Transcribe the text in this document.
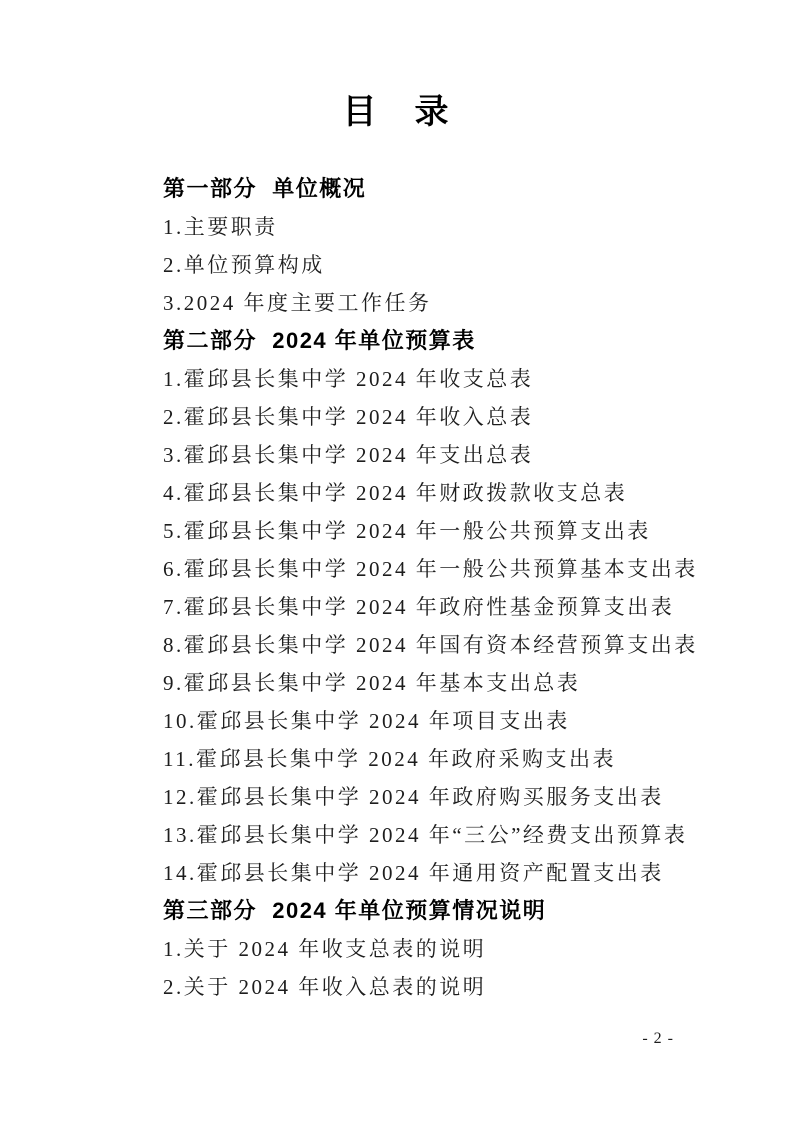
目　录
第一部分  单位概况
1.主要职责
2.单位预算构成
3.2024 年度主要工作任务
第二部分  2024 年单位预算表
1.霍邱县长集中学 2024 年收支总表
2.霍邱县长集中学 2024 年收入总表
3.霍邱县长集中学 2024 年支出总表
4.霍邱县长集中学 2024 年财政拨款收支总表
5.霍邱县长集中学 2024 年一般公共预算支出表
6.霍邱县长集中学 2024 年一般公共预算基本支出表
7.霍邱县长集中学 2024 年政府性基金预算支出表
8.霍邱县长集中学 2024 年国有资本经营预算支出表
9.霍邱县长集中学 2024 年基本支出总表
10.霍邱县长集中学 2024 年项目支出表
11.霍邱县长集中学 2024 年政府采购支出表
12.霍邱县长集中学 2024 年政府购买服务支出表
13.霍邱县长集中学 2024 年“三公”经费支出预算表
14.霍邱县长集中学 2024 年通用资产配置支出表
第三部分  2024 年单位预算情况说明
1.关于 2024 年收支总表的说明
2.关于 2024 年收入总表的说明
- 2 -
